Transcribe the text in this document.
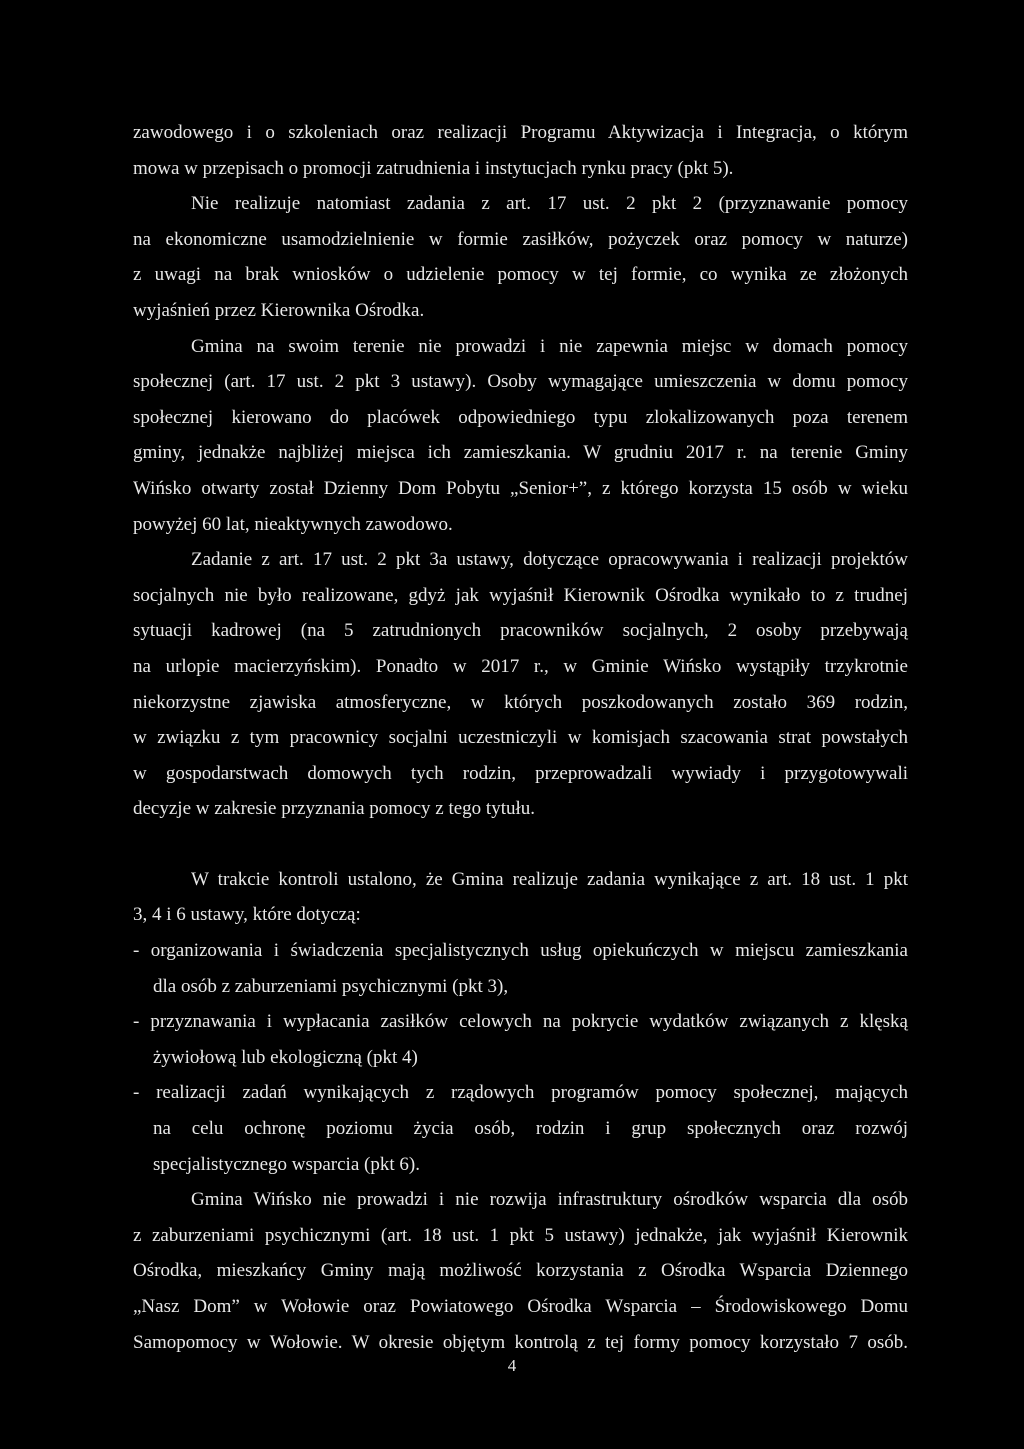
zawodowego i o szkoleniach oraz realizacji Programu Aktywizacja i Integracja, o którym
mowa w przepisach o promocji zatrudnienia i instytucjach rynku pracy (pkt 5).
Nie realizuje natomiast zadania z art. 17 ust. 2 pkt 2 (przyznawanie pomocy
na ekonomiczne usamodzielnienie w formie zasiłków, pożyczek oraz pomocy w naturze)
z uwagi na brak wniosków o udzielenie pomocy w tej formie, co wynika ze złożonych
wyjaśnień przez Kierownika Ośrodka.
Gmina na swoim terenie nie prowadzi i nie zapewnia miejsc w domach pomocy
społecznej (art. 17 ust. 2 pkt 3 ustawy). Osoby wymagające umieszczenia w domu pomocy
społecznej kierowano do placówek odpowiedniego typu zlokalizowanych poza terenem
gminy, jednakże najbliżej miejsca ich zamieszkania. W grudniu 2017 r. na terenie Gminy
Wińsko otwarty został Dzienny Dom Pobytu „Senior+”, z którego korzysta 15 osób w wieku
powyżej 60 lat, nieaktywnych zawodowo.
Zadanie z art. 17 ust. 2 pkt 3a ustawy, dotyczące opracowywania i realizacji projektów
socjalnych nie było realizowane, gdyż jak wyjaśnił Kierownik Ośrodka wynikało to z trudnej
sytuacji kadrowej (na 5 zatrudnionych pracowników socjalnych, 2 osoby przebywają
na urlopie macierzyńskim). Ponadto w 2017 r., w Gminie Wińsko wystąpiły trzykrotnie
niekorzystne zjawiska atmosferyczne, w których poszkodowanych zostało 369 rodzin,
w związku z tym pracownicy socjalni uczestniczyli w komisjach szacowania strat powstałych
w gospodarstwach domowych tych rodzin, przeprowadzali wywiady i przygotowywali
decyzje w zakresie przyznania pomocy z tego tytułu.
W trakcie kontroli ustalono, że Gmina realizuje zadania wynikające z art. 18 ust. 1 pkt
3, 4 i 6 ustawy, które dotyczą:
- organizowania i świadczenia specjalistycznych usług opiekuńczych w miejscu zamieszkania
dla osób z zaburzeniami psychicznymi (pkt 3),
- przyznawania i wypłacania zasiłków celowych na pokrycie wydatków związanych z klęską
żywiołową lub ekologiczną (pkt 4)
- realizacji zadań wynikających z rządowych programów pomocy społecznej, mających
na celu ochronę poziomu życia osób, rodzin i grup społecznych oraz rozwój
specjalistycznego wsparcia (pkt 6).
Gmina Wińsko nie prowadzi i nie rozwija infrastruktury ośrodków wsparcia dla osób
z zaburzeniami psychicznymi (art. 18 ust. 1 pkt 5 ustawy) jednakże, jak wyjaśnił Kierownik
Ośrodka, mieszkańcy Gminy mają możliwość korzystania z Ośrodka Wsparcia Dziennego
„Nasz Dom” w Wołowie oraz Powiatowego Ośrodka Wsparcia – Środowiskowego Domu
Samopomocy w Wołowie. W okresie objętym kontrolą z tej formy pomocy korzystało 7 osób.
4
